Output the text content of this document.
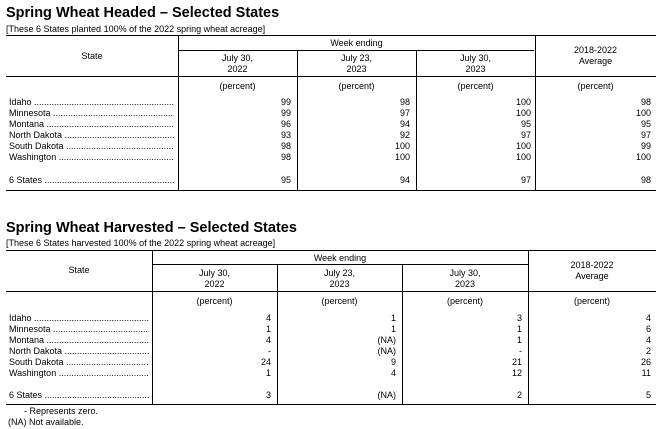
Spring Wheat Headed – Selected States
[These 6 States planted 100% of the 2022 spring wheat acreage]
State
Week ending
July 30,
2022
July 23,
2023
July 30,
2023
2018-2022
Average
(percent)	(percent)	(percent)	(percent)
Idaho .....	99	98	100	98
Minnesota .....	99	97	100	100
Montana .....	96	94	95	95
North Dakota .....	93	92	97	97
South Dakota .....	98	100	100	99
Washington .....	98	100	100	100
6 States .....	95	94	97	98
Spring Wheat Harvested – Selected States
[These 6 States harvested 100% of the 2022 spring wheat acreage]
State
Week ending
July 30,
2022
July 23,
2023
July 30,
2023
2018-2022
Average
(percent)	(percent)	(percent)	(percent)
Idaho .....	4	1	3	4
Minnesota .....	1	1	1	6
Montana .....	4	(NA)	1	4
North Dakota .....	-	(NA)	-	2
South Dakota .....	24	9	21	26
Washington .....	1	4	12	11
6 States .....	3	(NA)	2	5
- Represents zero.
(NA) Not available.
